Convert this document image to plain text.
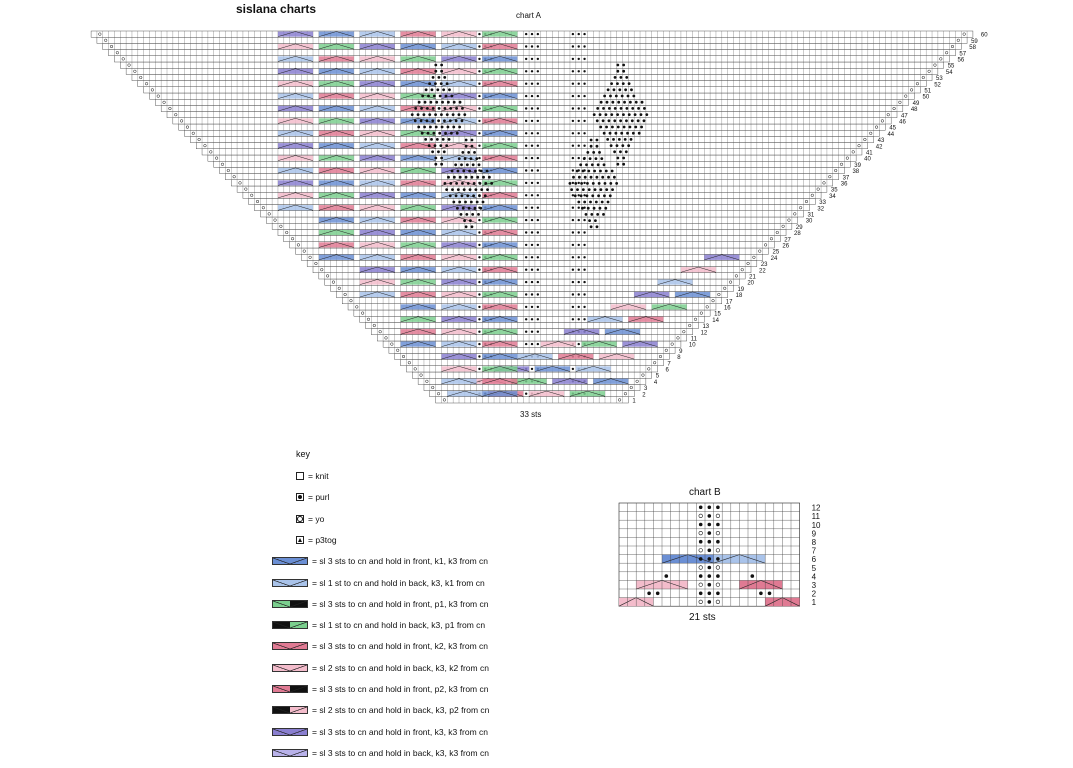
sislana charts	chart A
33 sts
1
2
3
4
5
6
7
8
9
10
11
12
13
14
15
16
17
18
19
20
21
22
23
24
25
26
27
28
29
30
31
32
33
34
35
36
37
38
39
40
41
42
43
44
45
46
47
48
49
50
51
52
53
54
55
56
57
58
59
60
12
11
10
9
8
7
6
5
4
3
2
1
key
= knit
= purl
= yo
= p3tog
= sl 3 sts to cn and hold in front, k1, k3 from cn
= sl 1 st to cn and hold in back, k3, k1 from cn
= sl 3 sts to cn and hold in front, p1, k3 from cn
= sl 1 st to cn and hold in back, k3, p1 from cn
= sl 3 sts to cn and hold in front, k2, k3 from cn
= sl 2 sts to cn and hold in back, k3, k2 from cn
= sl 3 sts to cn and hold in front, p2, k3 from cn
= sl 2 sts to cn and hold in back, k3, p2 from cn
= sl 3 sts to cn and hold in front, k3, k3 from cn
= sl 3 sts to cn and hold in back, k3, k3 from cn
chart B
21 sts
